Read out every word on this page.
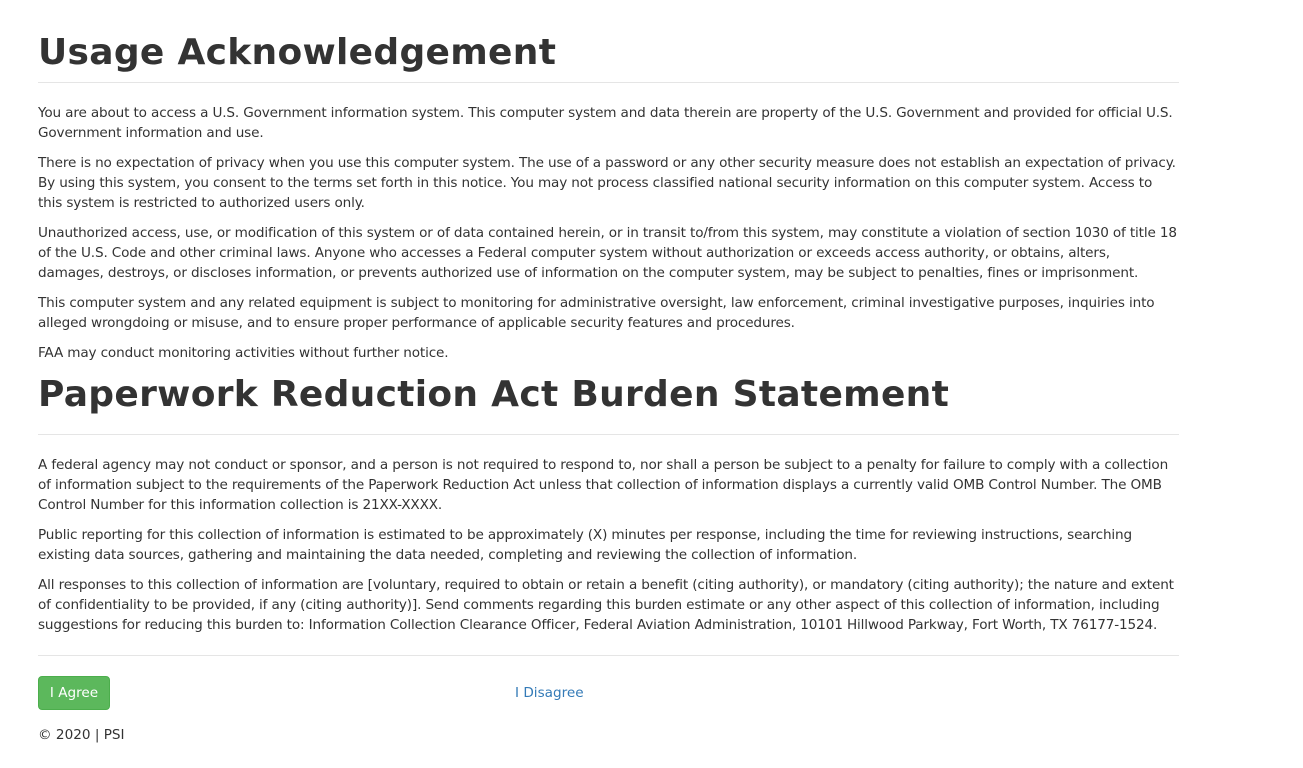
Usage Acknowledgement

You are about to access a U.S. Government information system. This computer system and data therein are property of the U.S. Government and provided for official U.S. Government information and use.

There is no expectation of privacy when you use this computer system. The use of a password or any other security measure does not establish an expectation of privacy. By using this system, you consent to the terms set forth in this notice. You may not process classified national security information on this computer system. Access to this system is restricted to authorized users only.

Unauthorized access, use, or modification of this system or of data contained herein, or in transit to/from this system, may constitute a violation of section 1030 of title 18 of the U.S. Code and other criminal laws. Anyone who accesses a Federal computer system without authorization or exceeds access authority, or obtains, alters, damages, destroys, or discloses information, or prevents authorized use of information on the computer system, may be subject to penalties, fines or imprisonment.

This computer system and any related equipment is subject to monitoring for administrative oversight, law enforcement, criminal investigative purposes, inquiries into alleged wrongdoing or misuse, and to ensure proper performance of applicable security features and procedures.

FAA may conduct monitoring activities without further notice.

Paperwork Reduction Act Burden Statement

A federal agency may not conduct or sponsor, and a person is not required to respond to, nor shall a person be subject to a penalty for failure to comply with a collection of information subject to the requirements of the Paperwork Reduction Act unless that collection of information displays a currently valid OMB Control Number. The OMB Control Number for this information collection is 21XX-XXXX.

Public reporting for this collection of information is estimated to be approximately (X) minutes per response, including the time for reviewing instructions, searching existing data sources, gathering and maintaining the data needed, completing and reviewing the collection of information.

All responses to this collection of information are [voluntary, required to obtain or retain a benefit (citing authority), or mandatory (citing authority); the nature and extent of confidentiality to be provided, if any (citing authority)]. Send comments regarding this burden estimate or any other aspect of this collection of information, including suggestions for reducing this burden to: Information Collection Clearance Officer, Federal Aviation Administration, 10101 Hillwood Parkway, Fort Worth, TX 76177-1524.

I Agree	I Disagree
© 2020 | PSI
